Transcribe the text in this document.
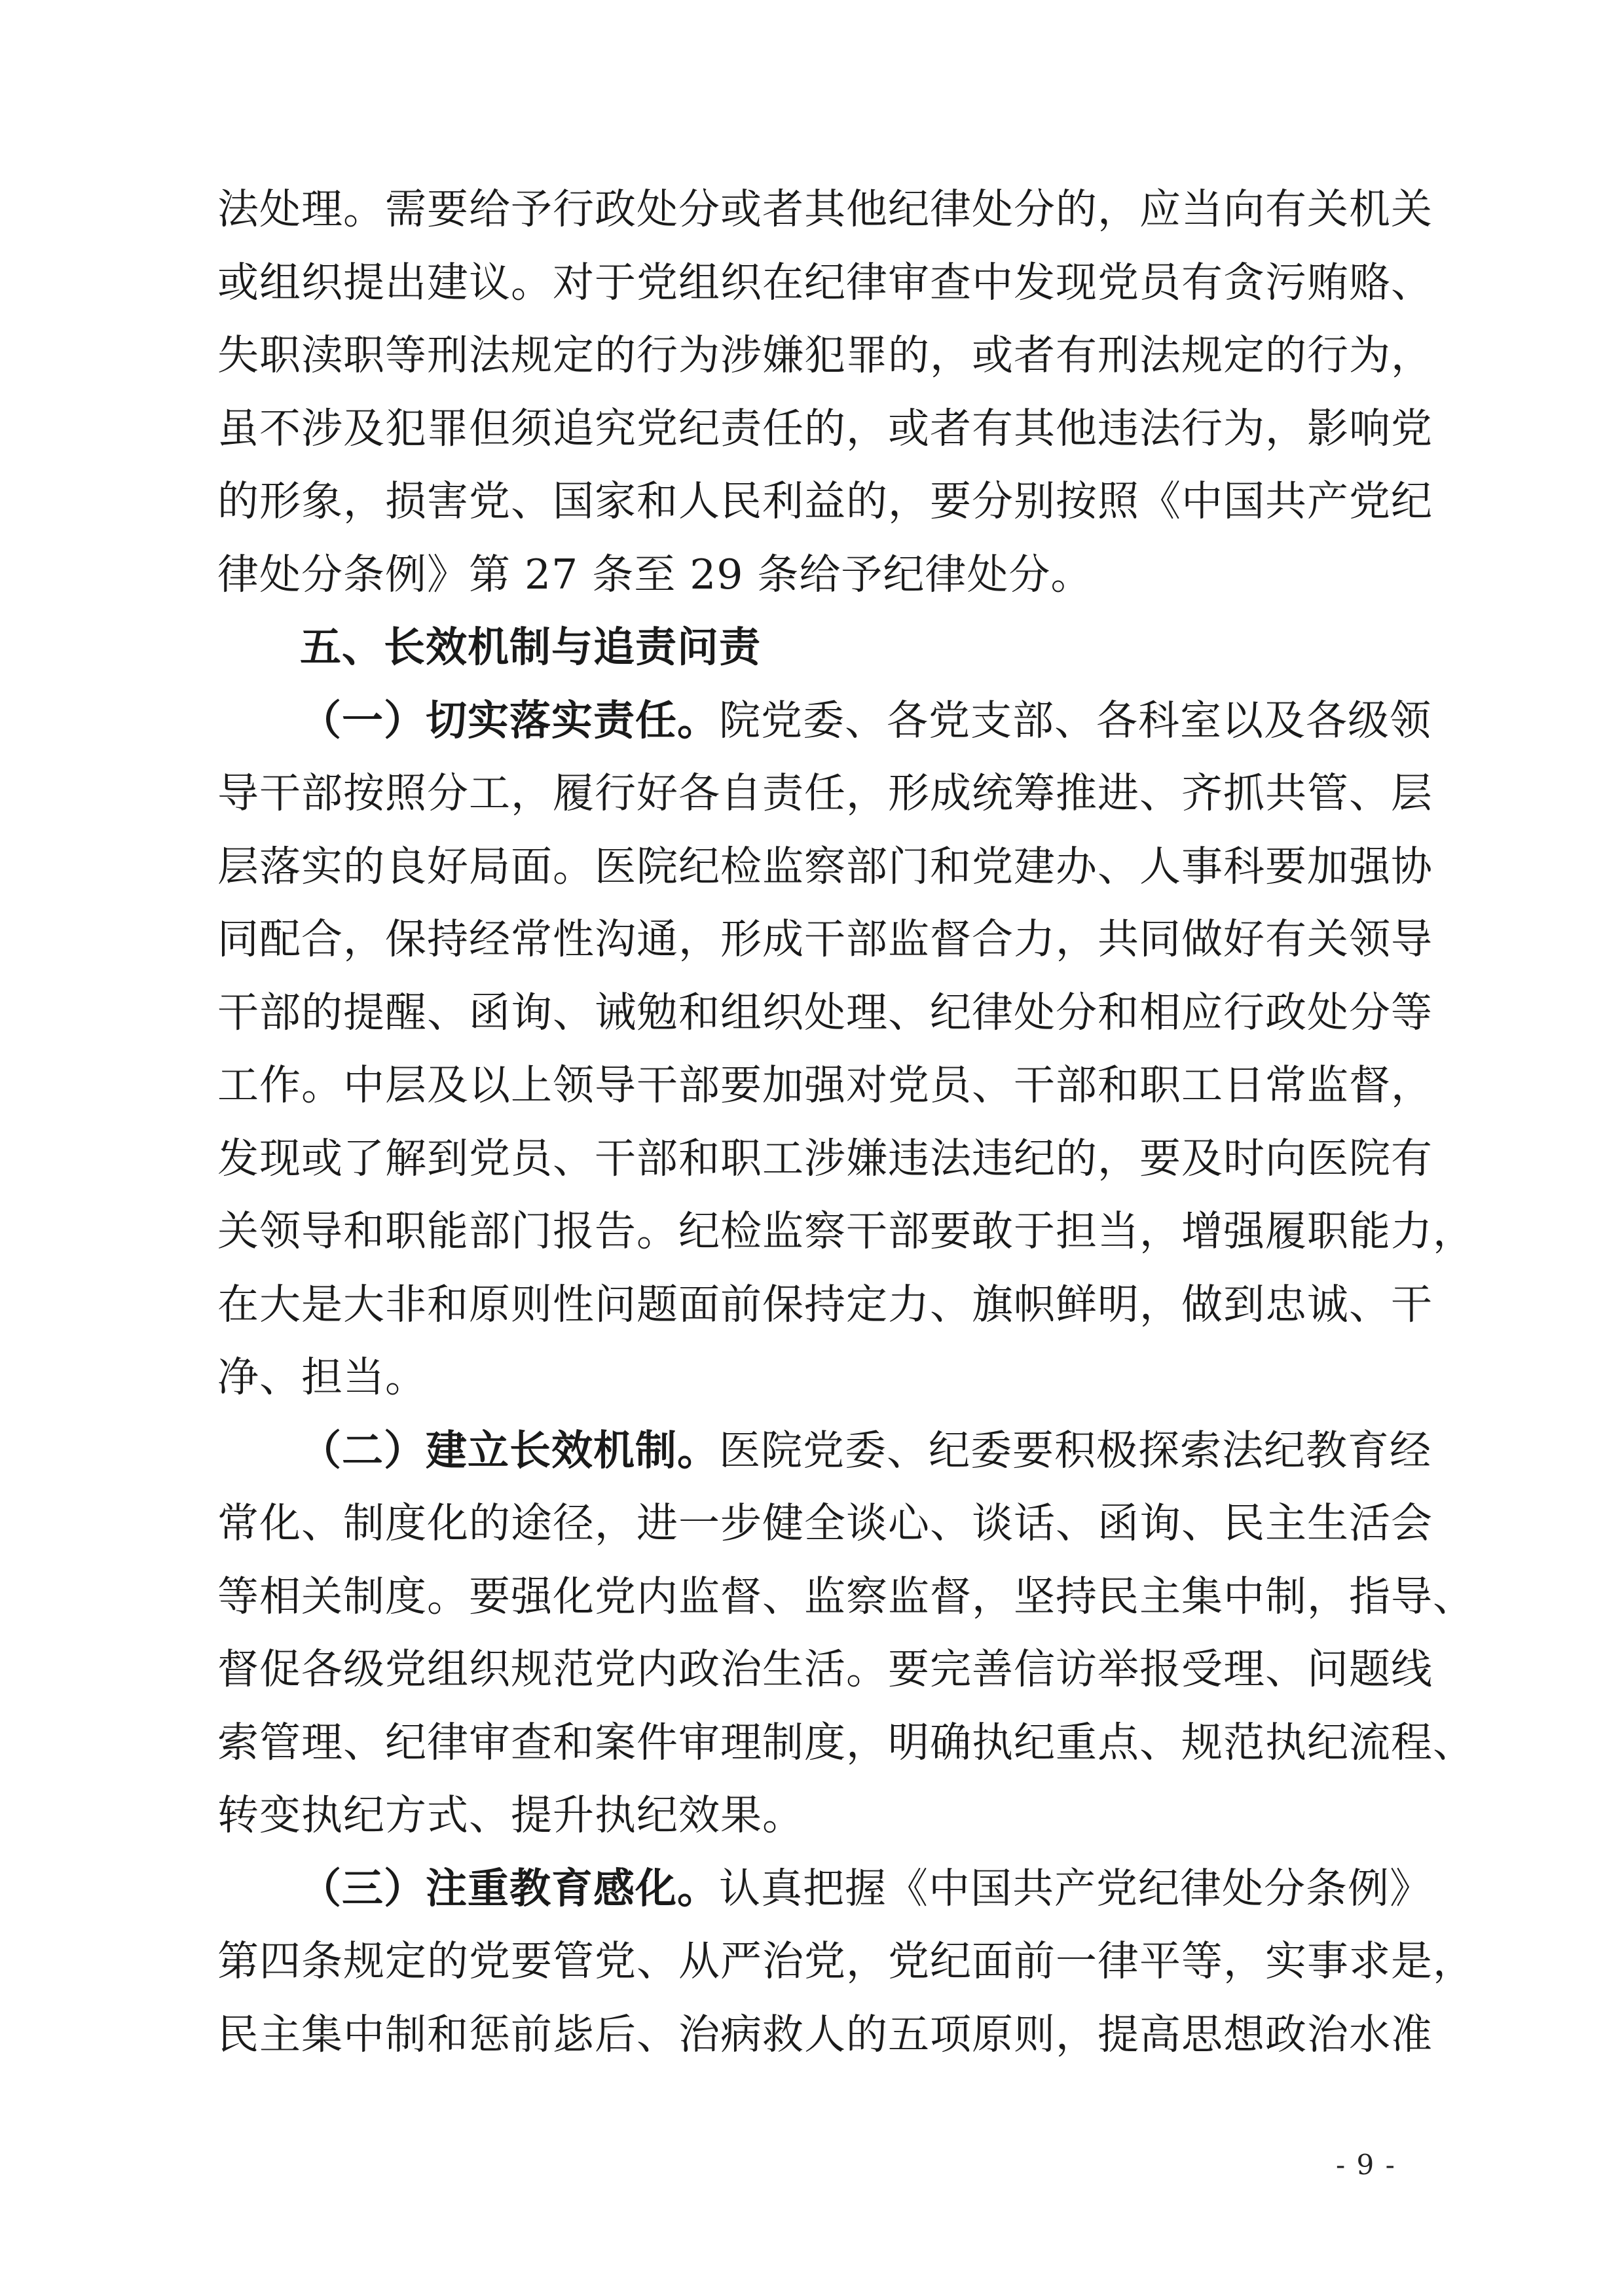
法处理。需要给予行政处分或者其他纪律处分的，应当向有关机关
或组织提出建议。对于党组织在纪律审查中发现党员有贪污贿赂、
失职渎职等刑法规定的行为涉嫌犯罪的，或者有刑法规定的行为，
虽不涉及犯罪但须追究党纪责任的，或者有其他违法行为，影响党
的形象，损害党、国家和人民利益的，要分别按照《中国共产党纪
律处分条例》第 27 条至 29 条给予纪律处分。
五、长效机制与追责问责
（一）切实落实责任。院党委、各党支部、各科室以及各级领
导干部按照分工，履行好各自责任，形成统筹推进、齐抓共管、层
层落实的良好局面。医院纪检监察部门和党建办、人事科要加强协
同配合，保持经常性沟通，形成干部监督合力，共同做好有关领导
干部的提醒、函询、诫勉和组织处理、纪律处分和相应行政处分等
工作。中层及以上领导干部要加强对党员、干部和职工日常监督，
发现或了解到党员、干部和职工涉嫌违法违纪的，要及时向医院有
关领导和职能部门报告。纪检监察干部要敢于担当，增强履职能力，
在大是大非和原则性问题面前保持定力、旗帜鲜明，做到忠诚、干
净、担当。
（二）建立长效机制。医院党委、纪委要积极探索法纪教育经
常化、制度化的途径，进一步健全谈心、谈话、函询、民主生活会
等相关制度。要强化党内监督、监察监督，坚持民主集中制，指导、
督促各级党组织规范党内政治生活。要完善信访举报受理、问题线
索管理、纪律审查和案件审理制度，明确执纪重点、规范执纪流程、
转变执纪方式、提升执纪效果。
（三）注重教育感化。认真把握《中国共产党纪律处分条例》
第四条规定的党要管党、从严治党，党纪面前一律平等，实事求是，
民主集中制和惩前毖后、治病救人的五项原则，提高思想政治水准
- 9 -
